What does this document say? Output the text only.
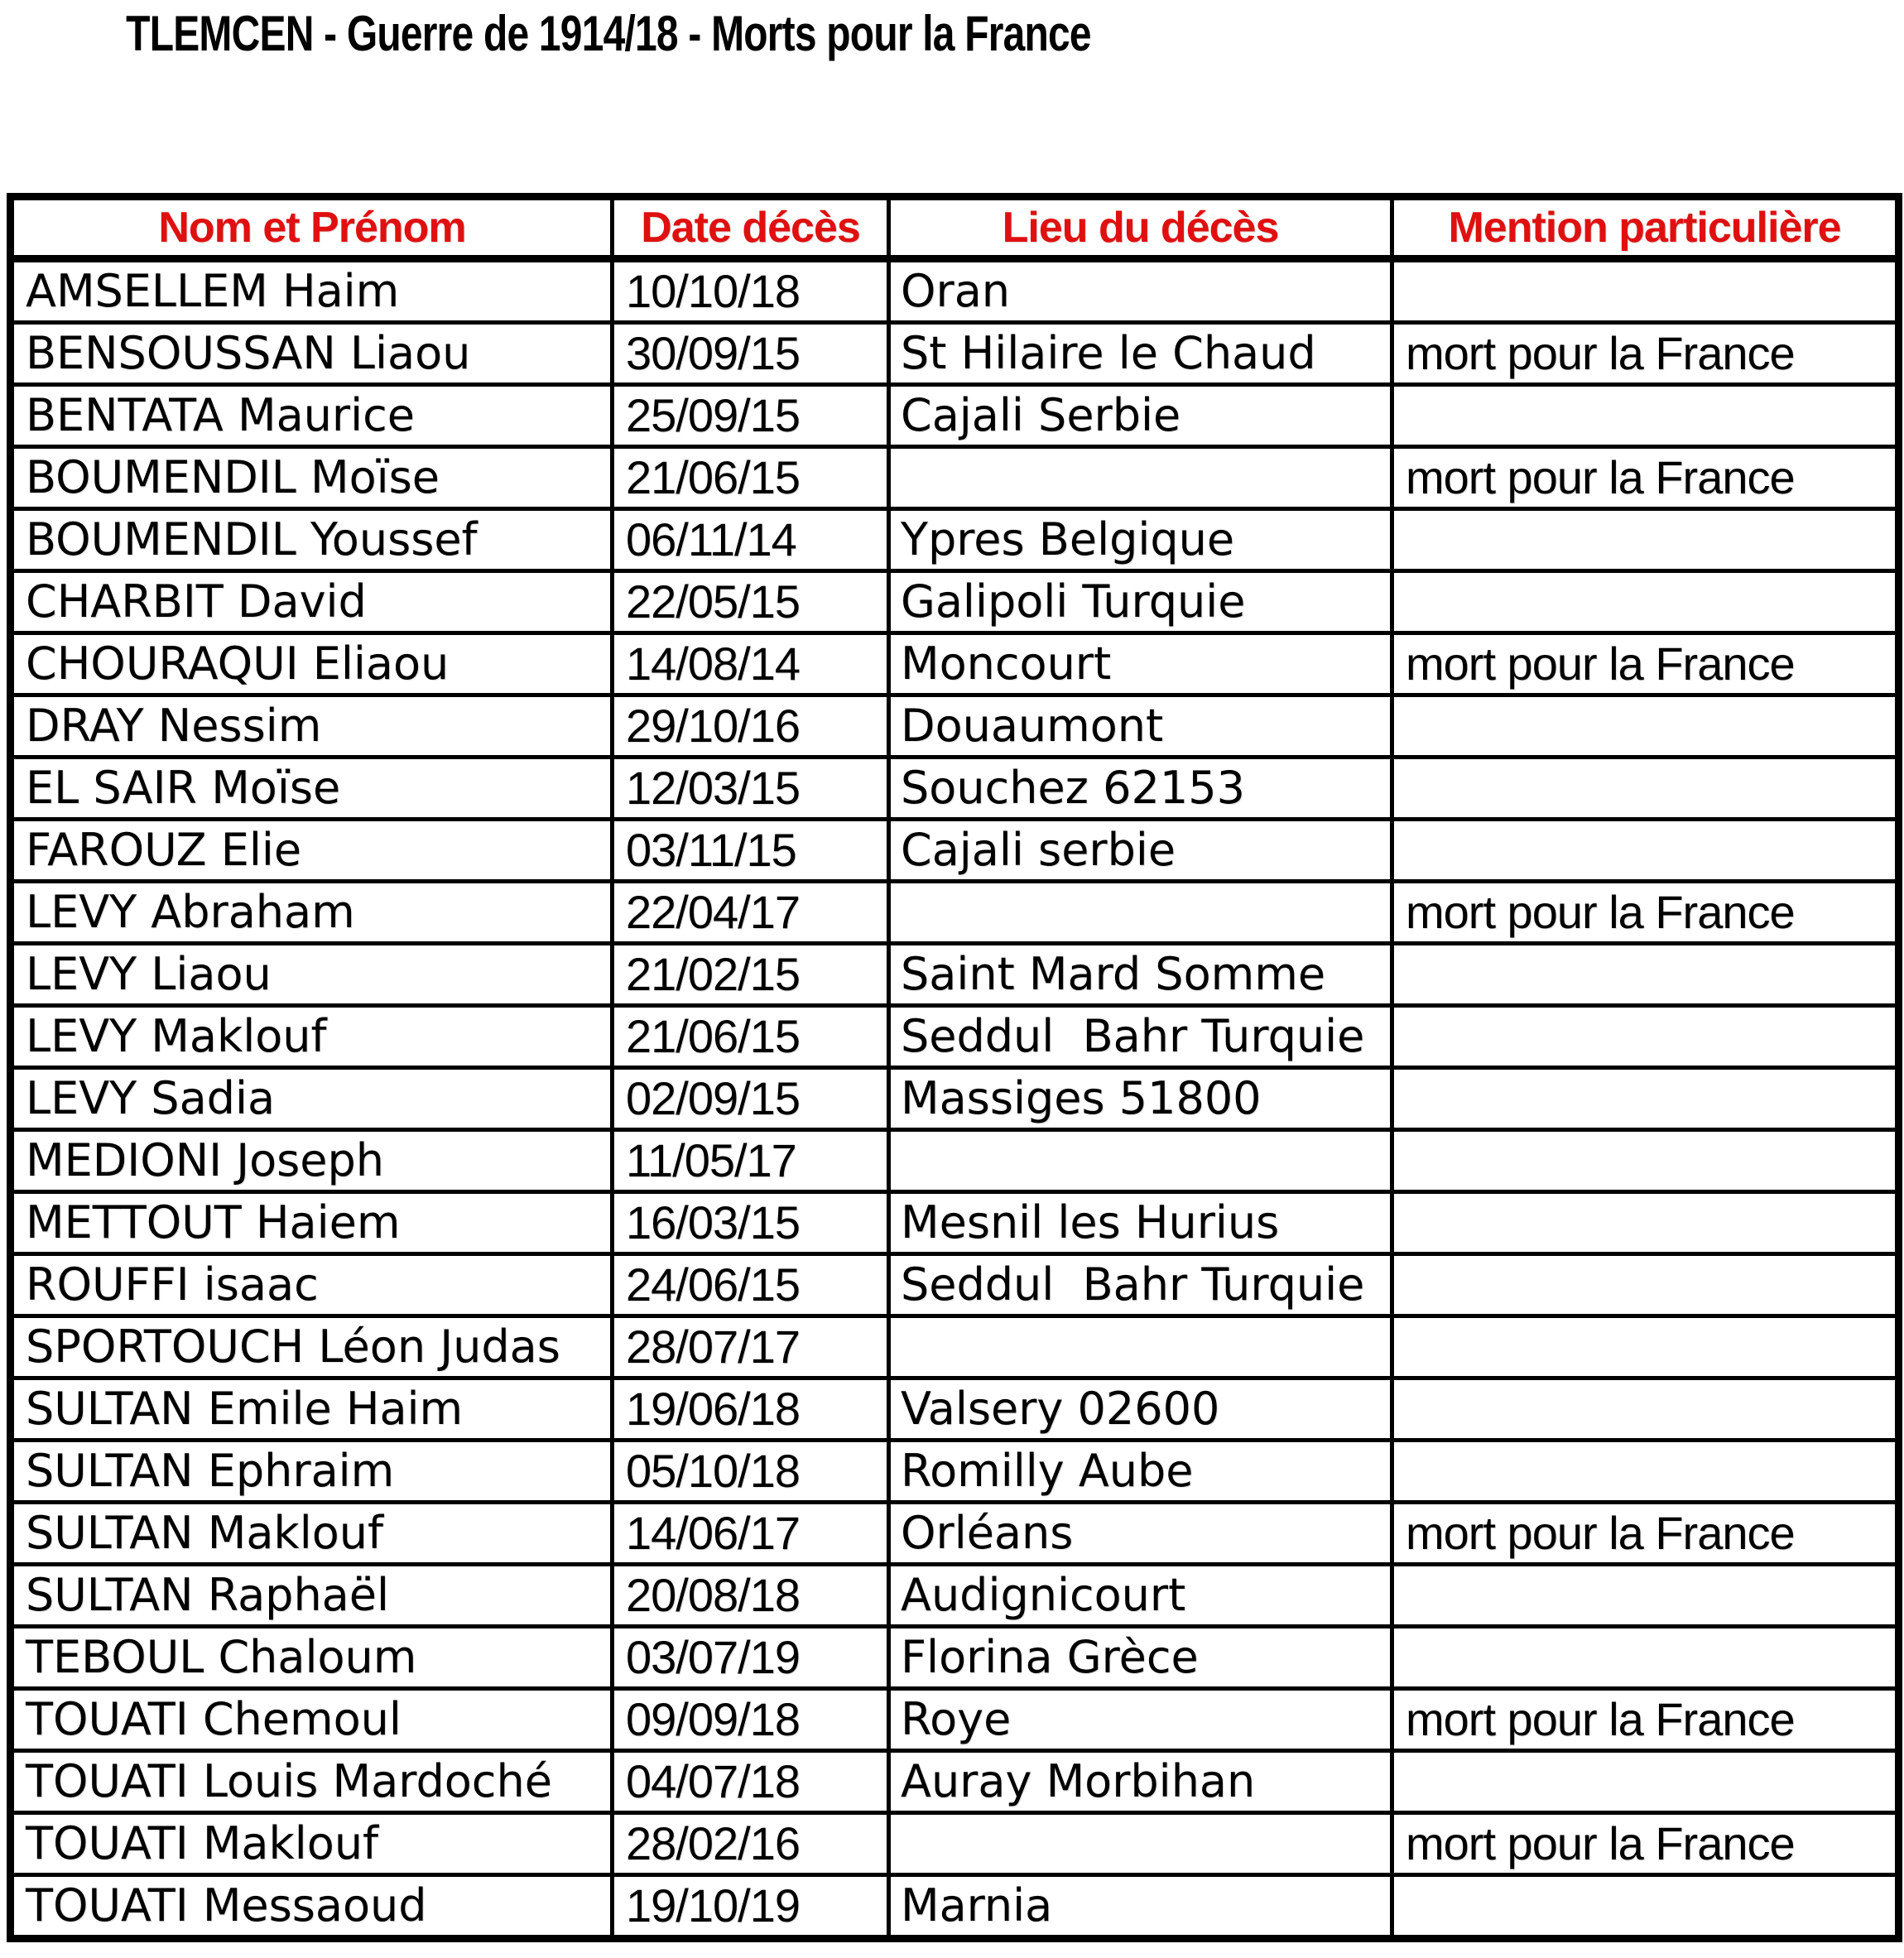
TLEMCEN - Guerre de 1914/18 - Morts pour la France
Nom et Prénom	Date décès	Lieu du décès	Mention particulière
AMSELLEM Haim	10/10/18	Oran	
BENSOUSSAN Liaou	30/09/15	St Hilaire le Chaud	mort pour la France
BENTATA Maurice	25/09/15	Cajali Serbie	
BOUMENDIL Moïse	21/06/15		mort pour la France
BOUMENDIL Youssef	06/11/14	Ypres Belgique	
CHARBIT David	22/05/15	Galipoli Turquie	
CHOURAQUI Eliaou	14/08/14	Moncourt	mort pour la France
DRAY Nessim	29/10/16	Douaumont	
EL SAIR Moïse	12/03/15	Souchez 62153	
FAROUZ Elie	03/11/15	Cajali serbie	
LEVY Abraham	22/04/17		mort pour la France
LEVY Liaou	21/02/15	Saint Mard Somme	
LEVY Maklouf	21/06/15	Seddul  Bahr Turquie	
LEVY Sadia	02/09/15	Massiges 51800	
MEDIONI Joseph	11/05/17		
METTOUT Haiem	16/03/15	Mesnil les Hurius	
ROUFFI isaac	24/06/15	Seddul  Bahr Turquie	
SPORTOUCH Léon Judas	28/07/17		
SULTAN Emile Haim	19/06/18	Valsery 02600	
SULTAN Ephraim	05/10/18	Romilly Aube	
SULTAN Maklouf	14/06/17	Orléans	mort pour la France
SULTAN Raphaël	20/08/18	Audignicourt	
TEBOUL Chaloum	03/07/19	Florina Grèce	
TOUATI Chemoul	09/09/18	Roye	mort pour la France
TOUATI Louis Mardoché	04/07/18	Auray Morbihan	
TOUATI Maklouf	28/02/16		mort pour la France
TOUATI Messaoud	19/10/19	Marnia	
